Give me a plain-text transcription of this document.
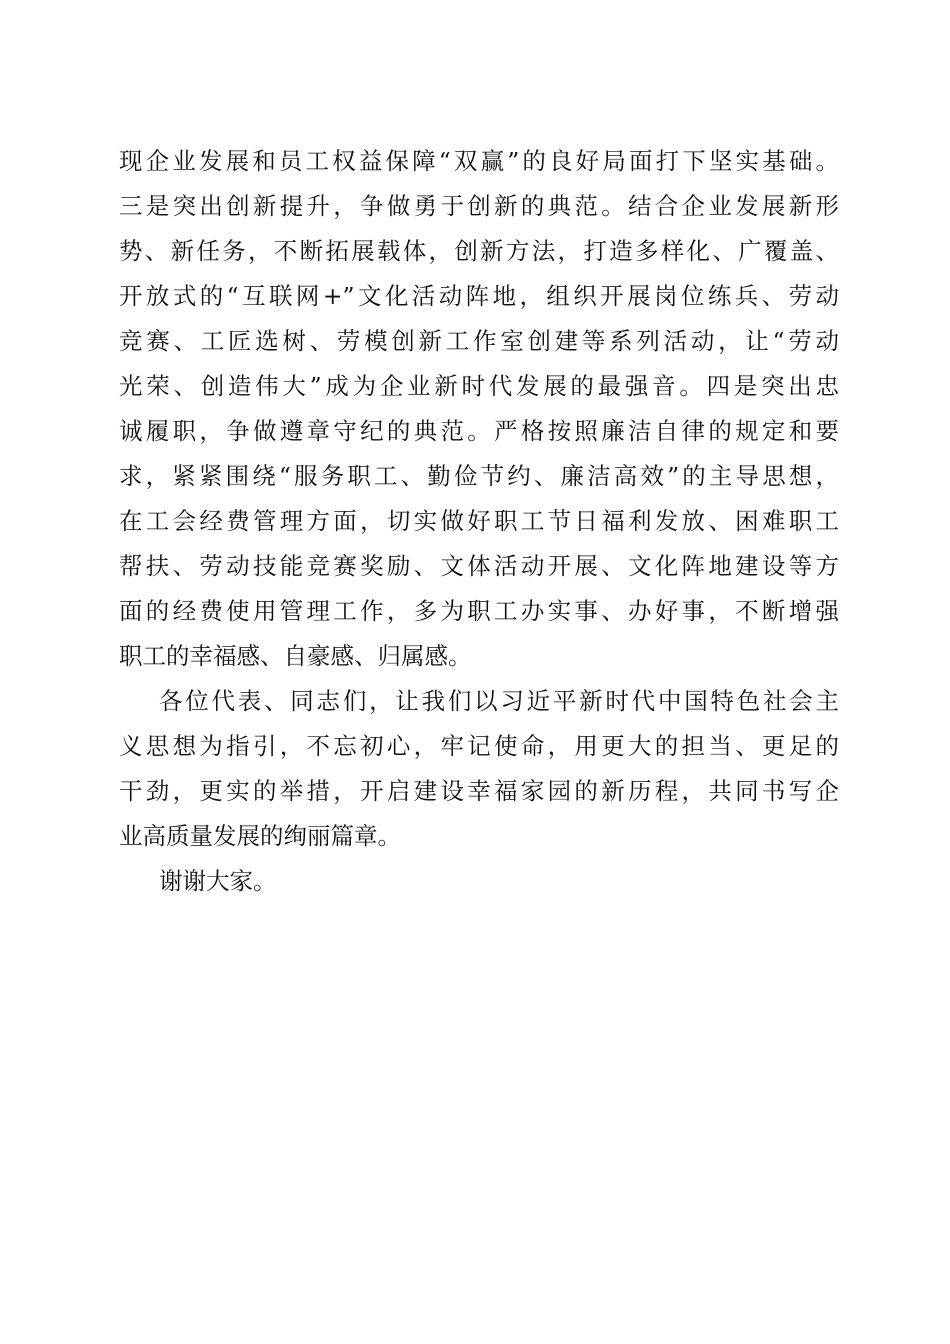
现企业发展和员工权益保障“双赢”的良好局面打下坚实基础。
三是突出创新提升，争做勇于创新的典范。结合企业发展新形
势、新任务，不断拓展载体，创新方法，打造多样化、广覆盖、
开放式的“互联网+”文化活动阵地，组织开展岗位练兵、劳动
竞赛、工匠选树、劳模创新工作室创建等系列活动，让“劳动
光荣、创造伟大”成为企业新时代发展的最强音。四是突出忠
诚履职，争做遵章守纪的典范。严格按照廉洁自律的规定和要
求，紧紧围绕“服务职工、勤俭节约、廉洁高效”的主导思想，
在工会经费管理方面，切实做好职工节日福利发放、困难职工
帮扶、劳动技能竞赛奖励、文体活动开展、文化阵地建设等方
面的经费使用管理工作，多为职工办实事、办好事，不断增强
职工的幸福感、自豪感、归属感。
各位代表、同志们，让我们以习近平新时代中国特色社会主
义思想为指引，不忘初心，牢记使命，用更大的担当、更足的
干劲，更实的举措，开启建设幸福家园的新历程，共同书写企
业高质量发展的绚丽篇章。
谢谢大家。
